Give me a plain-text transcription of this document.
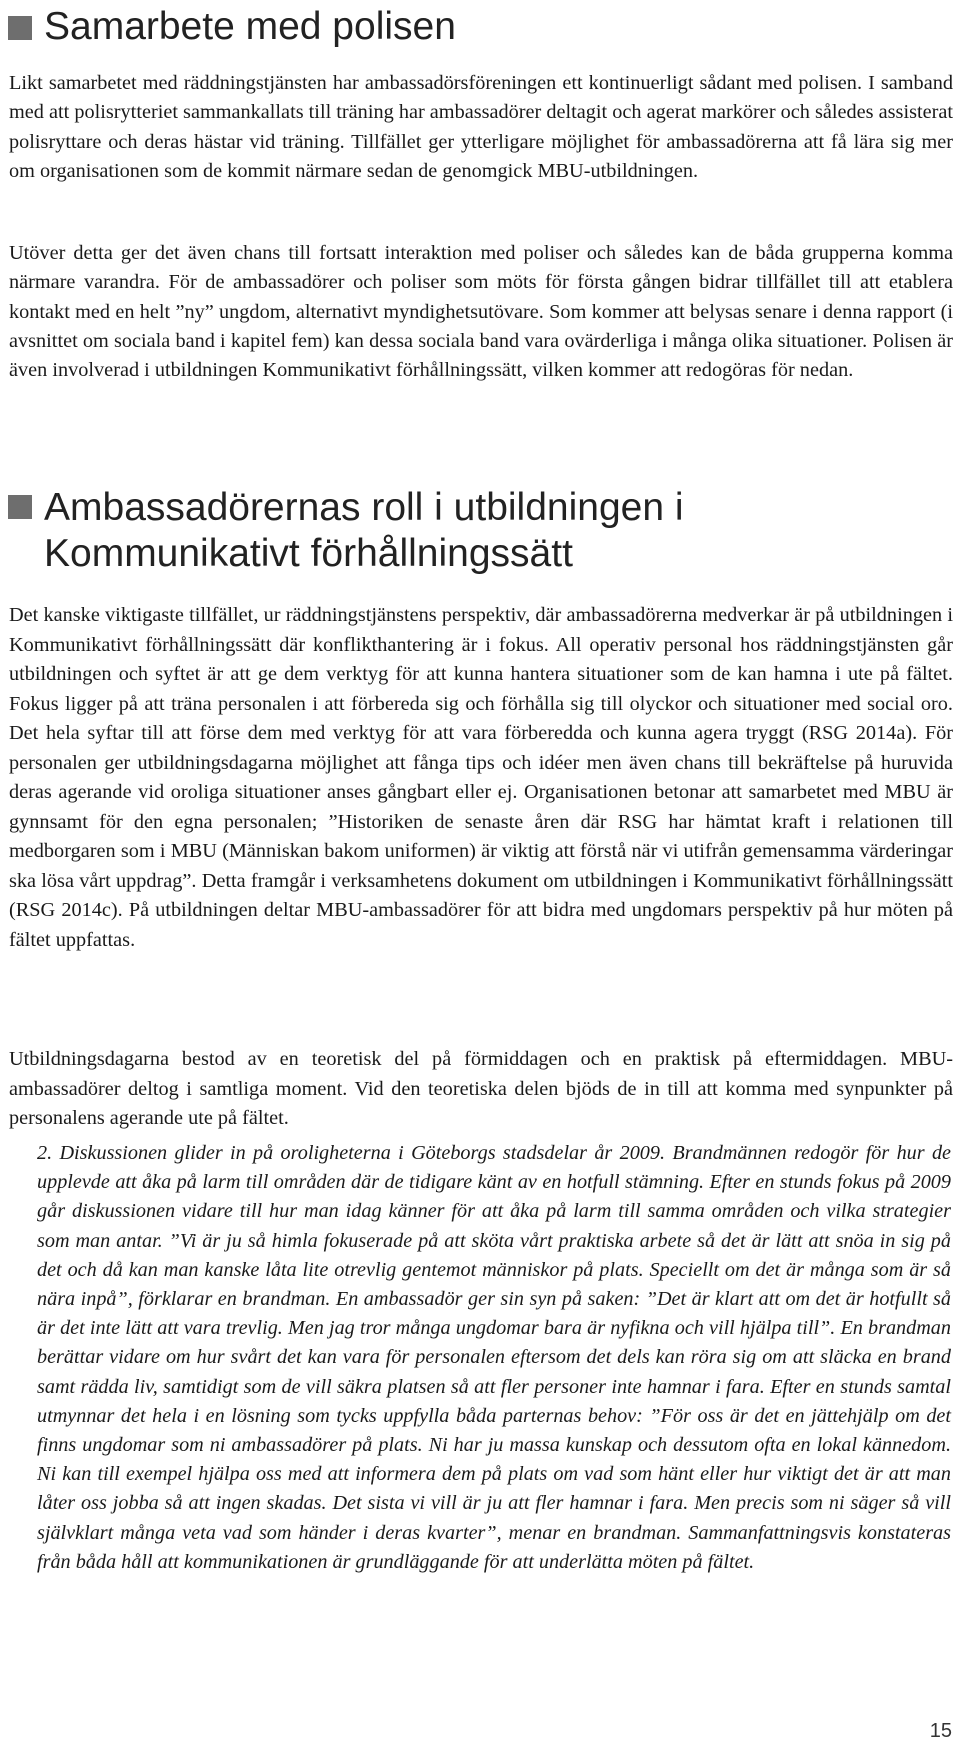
Samarbete med polisen

Likt samarbetet med räddningstjänsten har ambassadörsföreningen ett kontinuerligt sådant med polisen. I samband med att polisrytteriet sammankallats till träning har ambassadörer deltagit och agerat markörer och således assisterat polisryttare och deras hästar vid träning. Tillfället ger ytterligare möjlighet för ambassadörerna att få lära sig mer om organisationen som de kommit närmare sedan de genomgick MBU-utbildningen.

Utöver detta ger det även chans till fortsatt interaktion med poliser och således kan de båda grupperna komma närmare varandra. För de ambassadörer och poliser som möts för första gången bidrar tillfället till att etablera kontakt med en helt ”ny” ungdom, alternativt myndighetsutövare. Som kommer att belysas senare i denna rapport (i avsnittet om sociala band i kapitel fem) kan dessa sociala band vara ovärderliga i många olika situationer. Polisen är även involverad i utbildningen Kommunikativt förhållningssätt, vilken kommer att redogöras för nedan.

Ambassadörernas roll i utbildningen i Kommunikativt förhållningssätt

Det kanske viktigaste tillfället, ur räddningstjänstens perspektiv, där ambassadörerna medverkar är på utbildningen i Kommunikativt förhållningssätt där konflikthantering är i fokus. All operativ personal hos räddningstjänsten går utbildningen och syftet är att ge dem verktyg för att kunna hantera situationer som de kan hamna i ute på fältet. Fokus ligger på att träna personalen i att förbereda sig och förhålla sig till olyckor och situationer med social oro. Det hela syftar till att förse dem med verktyg för att vara förberedda och kunna agera tryggt (RSG 2014a). För personalen ger utbildningsdagarna möjlighet att fånga tips och idéer men även chans till bekräftelse på huruvida deras agerande vid oroliga situationer anses gångbart eller ej. Organisationen betonar att samarbetet med MBU är gynnsamt för den egna personalen; ”Historiken de senaste åren där RSG har hämtat kraft i relationen till medborgaren som i MBU (Människan bakom uniformen) är viktig att förstå när vi utifrån gemensamma värderingar ska lösa vårt uppdrag”. Detta framgår i verksamhetens dokument om utbildningen i Kommunikativt förhållningssätt (RSG 2014c). På utbildningen deltar MBU-ambassadörer för att bidra med ungdomars perspektiv på hur möten på fältet uppfattas.

Utbildningsdagarna bestod av en teoretisk del på förmiddagen och en praktisk på eftermiddagen. MBU-ambassadörer deltog i samtliga moment. Vid den teoretiska delen bjöds de in till att komma med synpunkter på personalens agerande ute på fältet.

2. Diskussionen glider in på oroligheterna i Göteborgs stadsdelar år 2009. Brandmännen redogör för hur de upplevde att åka på larm till områden där de tidigare känt av en hotfull stämning. Efter en stunds fokus på 2009 går diskussionen vidare till hur man idag känner för att åka på larm till samma områden och vilka strategier som man antar. ”Vi är ju så himla fokuserade på att sköta vårt praktiska arbete så det är lätt att snöa in sig på det och då kan man kanske låta lite otrevlig gentemot människor på plats. Speciellt om det är många som är så nära inpå”, förklarar en brandman. En ambassadör ger sin syn på saken: ”Det är klart att om det är hotfullt så är det inte lätt att vara trevlig. Men jag tror många ungdomar bara är nyfikna och vill hjälpa till”. En brandman berättar vidare om hur svårt det kan vara för personalen eftersom det dels kan röra sig om att släcka en brand samt rädda liv, samtidigt som de vill säkra platsen så att fler personer inte hamnar i fara. Efter en stunds samtal utmynnar det hela i en lösning som tycks uppfylla båda parternas behov: ”För oss är det en jättehjälp om det finns ungdomar som ni ambassadörer på plats. Ni har ju massa kunskap och dessutom ofta en lokal kännedom. Ni kan till exempel hjälpa oss med att informera dem på plats om vad som hänt eller hur viktigt det är att man låter oss jobba så att ingen skadas. Det sista vi vill är ju att fler hamnar i fara. Men precis som ni säger så vill självklart många veta vad som händer i deras kvarter”, menar en brandman. Sammanfattningsvis konstateras från båda håll att kommunikationen är grundläggande för att underlätta möten på fältet.

15
